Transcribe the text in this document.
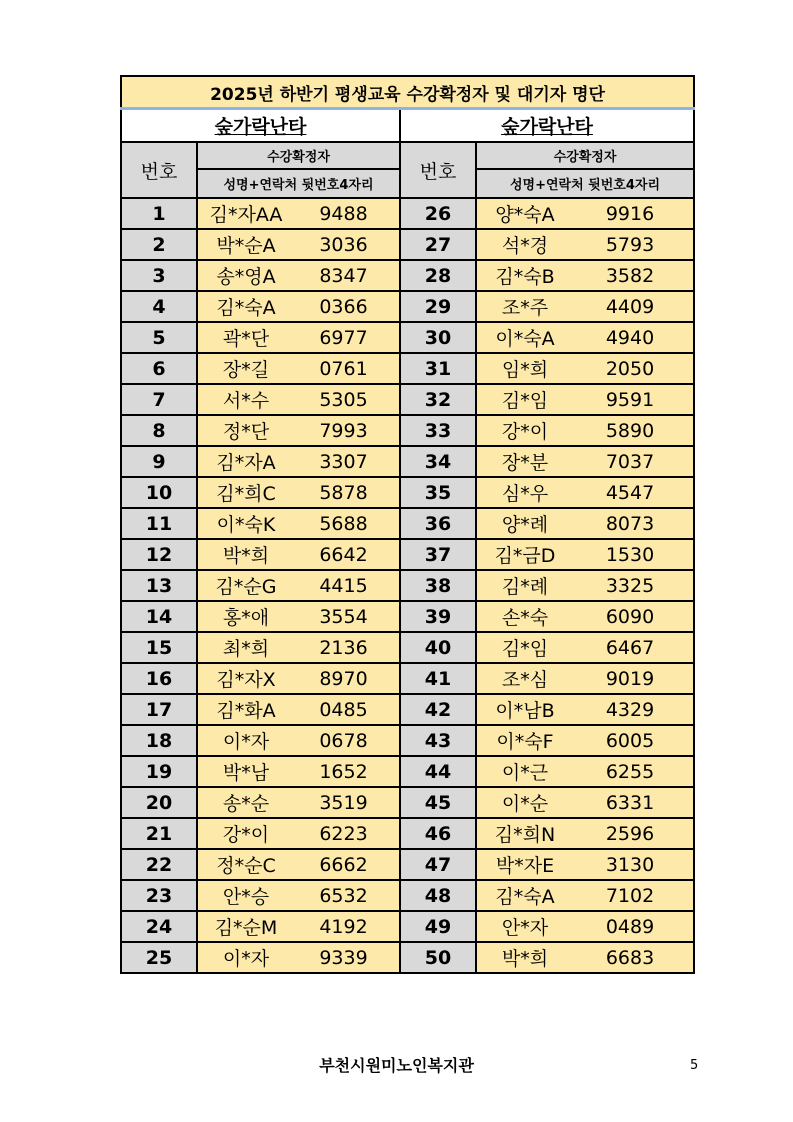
2025년 하반기 평생교육 수강확정자 및 대기자 명단			
숲가락난타		숲가락난타	
번호	수강확정자	번호	수강확정자
	성명+연락처 뒷번호4자리		성명+연락처 뒷번호4자리
1	김*자AA 9488	26	양*숙A 9916

2	박*순A 3036	27	석*경 5793

3	송*영A 8347	28	김*숙B 3582

4	김*숙A 0366	29	조*주 4409

5	곽*단 6977	30	이*숙A 4940

6	장*길 0761	31	임*희 2050

7	서*수 5305	32	김*임 9591

8	정*단 7993	33	강*이 5890

9	김*자A 3307	34	장*분 7037

10	김*희C 5878	35	심*우 4547

11	이*숙K 5688	36	양*례 8073

12	박*희 6642	37	김*금D 1530

13	김*순G 4415	38	김*례 3325

14	홍*애 3554	39	손*숙 6090

15	최*희 2136	40	김*임 6467

16	김*자X 8970	41	조*심 9019

17	김*화A 0485	42	이*남B 4329

18	이*자 0678	43	이*숙F 6005

19	박*남 1652	44	이*근 6255

20	송*순 3519	45	이*순 6331

21	강*이 6223	46	김*희N 2596

22	정*순C 6662	47	박*자E 3130

23	안*승 6532	48	김*숙A 7102

24	김*순M 4192	49	안*자 0489

25	이*자 9339	50	박*희 6683
부천시원미노인복지관	5
